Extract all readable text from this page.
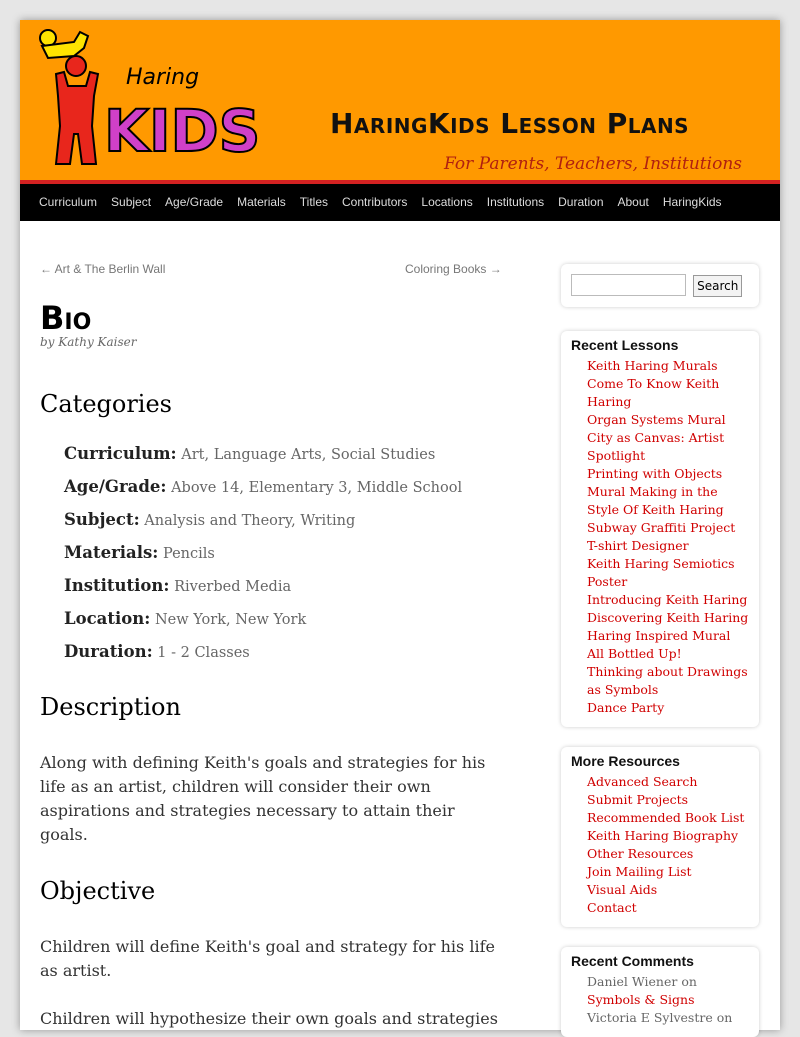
Haring
KIDS HaringKids Lesson Plans
For Parents, Teachers, Institutions
Curriculum	Subject	Age/Grade	Materials	Titles	Contributors	Locations	Institutions	Duration	About	HaringKids
← Art & The Berlin Wall	Coloring Books →
Bio
by Kathy Kaiser
Categories
Curriculum: Art, Language Arts, Social Studies
Age/Grade: Above 14, Elementary 3, Middle School
Subject: Analysis and Theory, Writing
Materials: Pencils
Institution: Riverbed Media
Location: New York, New York
Duration: 1 - 2 Classes
Description

Along with defining Keith's goals and strategies for his life as an artist, children will consider their own aspirations and strategies necessary to attain their goals.

Objective

Children will define Keith's goal and strategy for his life as artist.

Children will hypothesize their own goals and strategies

Search
Recent Lessons
Keith Haring Murals
Come To Know Keith Haring
Organ Systems Mural
City as Canvas: Artist Spotlight
Printing with Objects
Mural Making in the Style Of Keith Haring
Subway Graffiti Project
T-shirt Designer
Keith Haring Semiotics Poster
Introducing Keith Haring
Discovering Keith Haring
Haring Inspired Mural
All Bottled Up!
Thinking about Drawings as Symbols
Dance Party
More Resources
Advanced Search
Submit Projects
Recommended Book List
Keith Haring Biography
Other Resources
Join Mailing List
Visual Aids
Contact
Recent Comments
Daniel Wiener on Symbols & Signs
Victoria E Sylvestre on
